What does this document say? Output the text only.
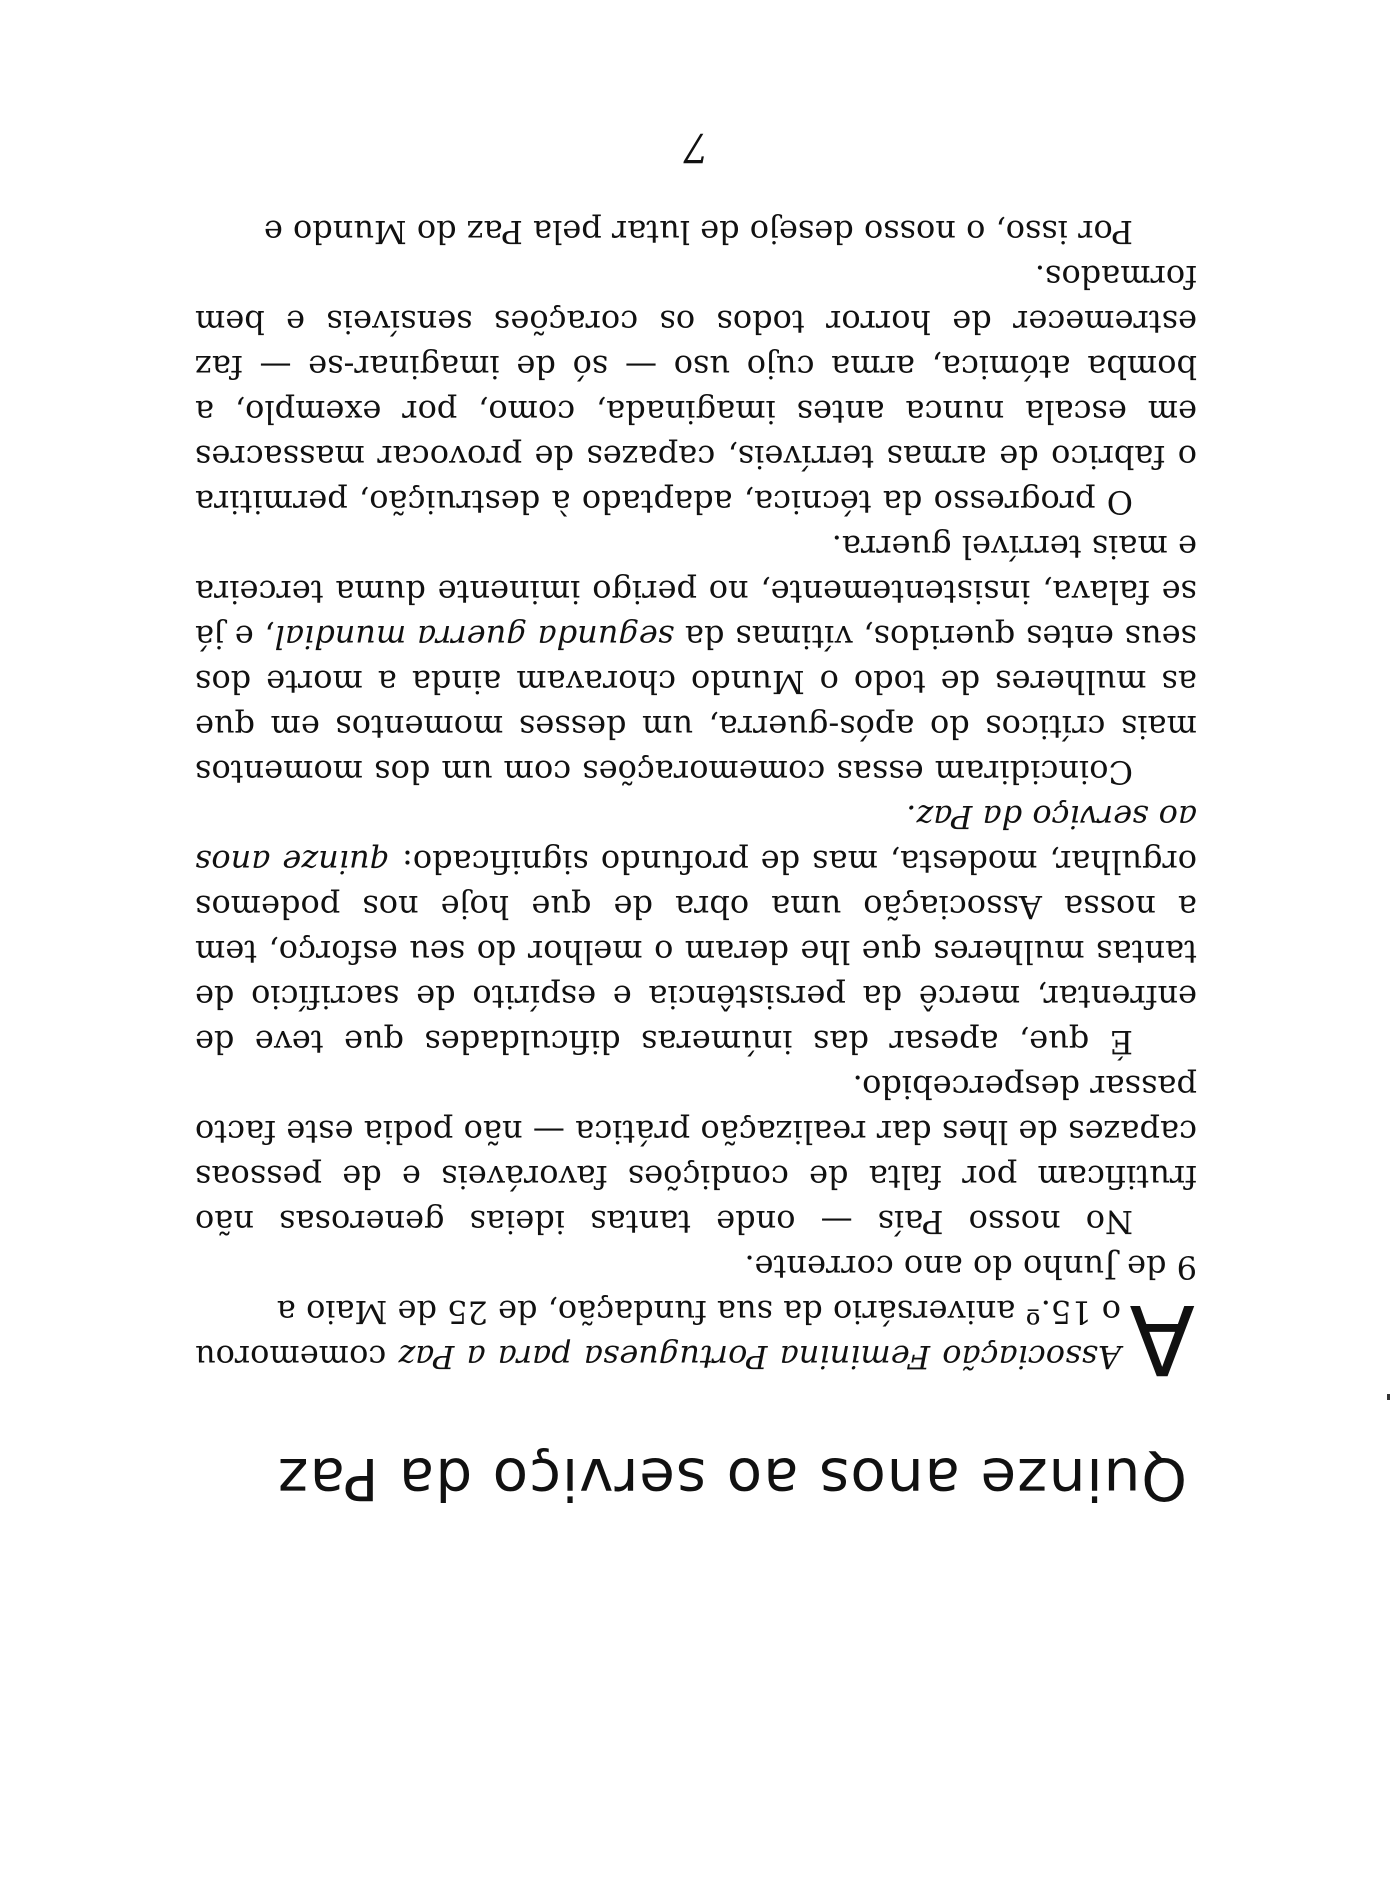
Quinze anos ao serviço da Paz

A
Associação Feminina Portuguesa para a Paz comemorou o 15.º aniversário da sua fundação, de 25 de Maio a
9 de Junho do ano corrente.

No nosso País — onde tantas ideias generosas não frutificam por falta de condições favoráveis e de pessoas capazes de lhes dar realização prática — não podia este facto passar despercebido.

É que, apesar das inúmeras dificuldades que teve de enfrentar, mercê da persistência e espírito de sacrifício de tantas mulheres que lhe deram o melhor do seu esforço, tem a nossa Associação uma obra de que hoje nos podemos orgulhar, modesta, mas de profundo significado: quinze anos ao serviço da Paz.

Coincidiram essas comemorações com um dos momentos mais críticos do após-guerra, um desses momentos em que as mulheres de todo o Mundo choravam ainda a morte dos seus entes queridos, vítimas da segunda guerra mundial, e já se falava, insistentemente, no perigo iminente duma terceira e mais terrível guerra.

O progresso da técnica, adaptado à destruição, permitira o fabrico de armas terríveis, capazes de provocar massacres em escala nunca antes imaginada, como, por exemplo, a bomba atómica, arma cujo uso — só de imaginar-se — faz estremecer de horror todos os corações sensíveis e bem formados.

Por isso, o nosso desejo de lutar pela Paz do Mundo e

7
